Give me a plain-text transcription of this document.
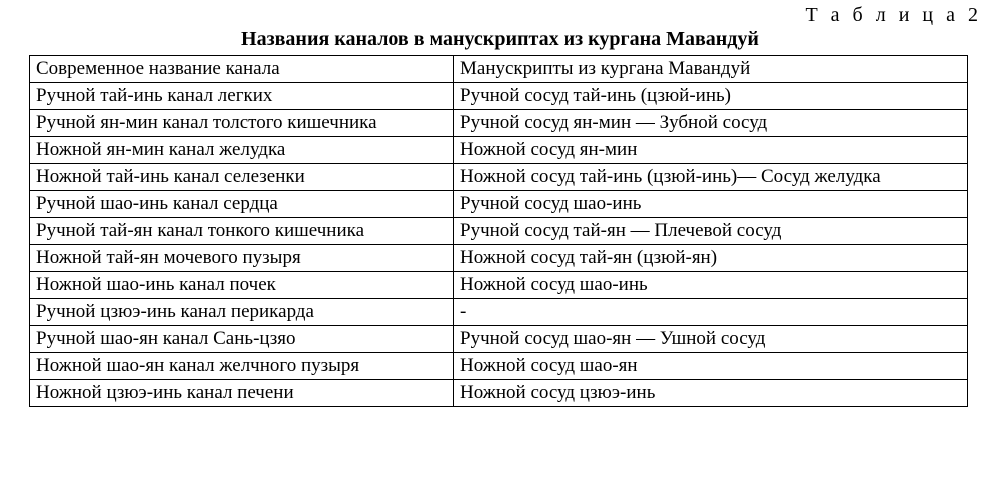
Т а б л и ц а 2
Названия каналов в манускриптах из кургана Мавандуй
Современное название канала	Манускрипты из кургана Мавандуй
Ручной тай-инь канал легких	Ручной сосуд тай-инь (цзюй-инь)
Ручной ян-мин канал толстого кишечника	Ручной сосуд ян-мин — Зубной сосуд
Ножной ян-мин канал желудка	Ножной сосуд ян-мин
Ножной тай-инь канал селезенки	Ножной сосуд тай-инь (цзюй-инь)— Сосуд желудка
Ручной шао-инь канал сердца	Ручной сосуд шао-инь
Ручной тай-ян канал тонкого кишечника	Ручной сосуд тай-ян — Плечевой сосуд
Ножной тай-ян мочевого пузыря	Ножной сосуд тай-ян (цзюй-ян)
Ножной шао-инь канал почек	Ножной сосуд шао-инь
Ручной цзюэ-инь канал перикарда	-
Ручной шао-ян канал Сань-цзяо	Ручной сосуд шао-ян — Ушной сосуд
Ножной шао-ян канал желчного пузыря	Ножной сосуд шао-ян
Ножной цзюэ-инь канал печени	Ножной сосуд цзюэ-инь
